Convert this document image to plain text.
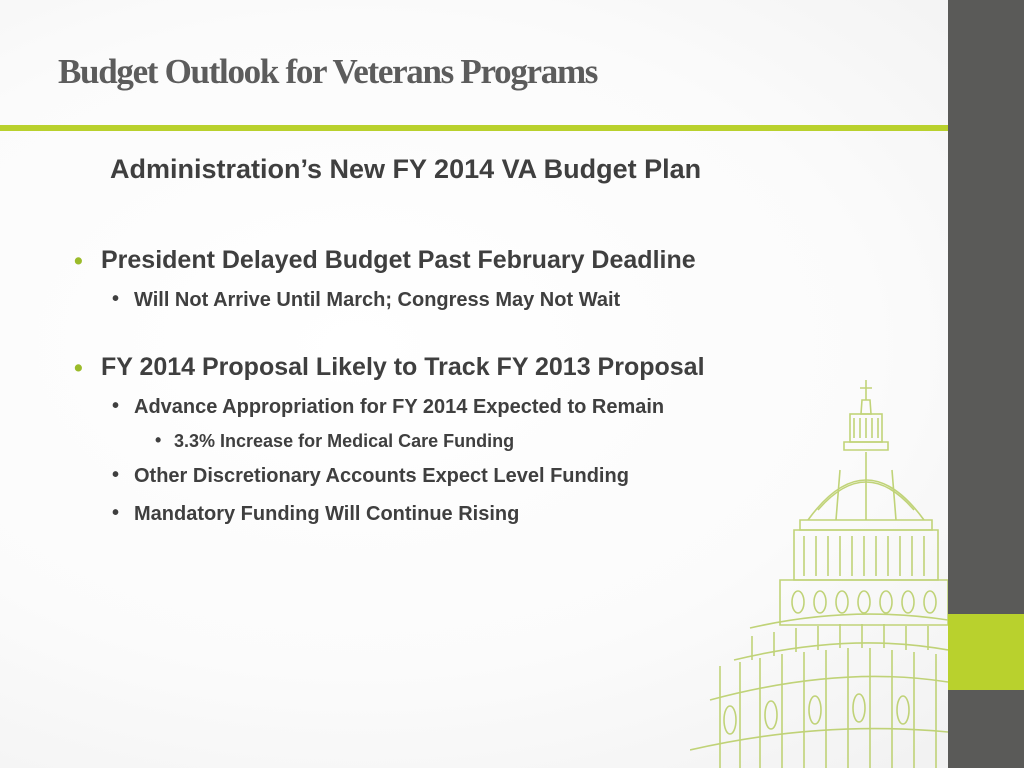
Budget Outlook for Veterans Programs
Administration’s New FY 2014 VA Budget Plan
• President Delayed Budget Past February Deadline
• Will Not Arrive Until March; Congress May Not Wait
• FY 2014 Proposal Likely to Track FY 2013 Proposal
• Advance Appropriation for FY 2014 Expected to Remain
• 3.3% Increase for Medical Care Funding
• Other Discretionary Accounts Expect Level Funding
• Mandatory Funding Will Continue Rising
